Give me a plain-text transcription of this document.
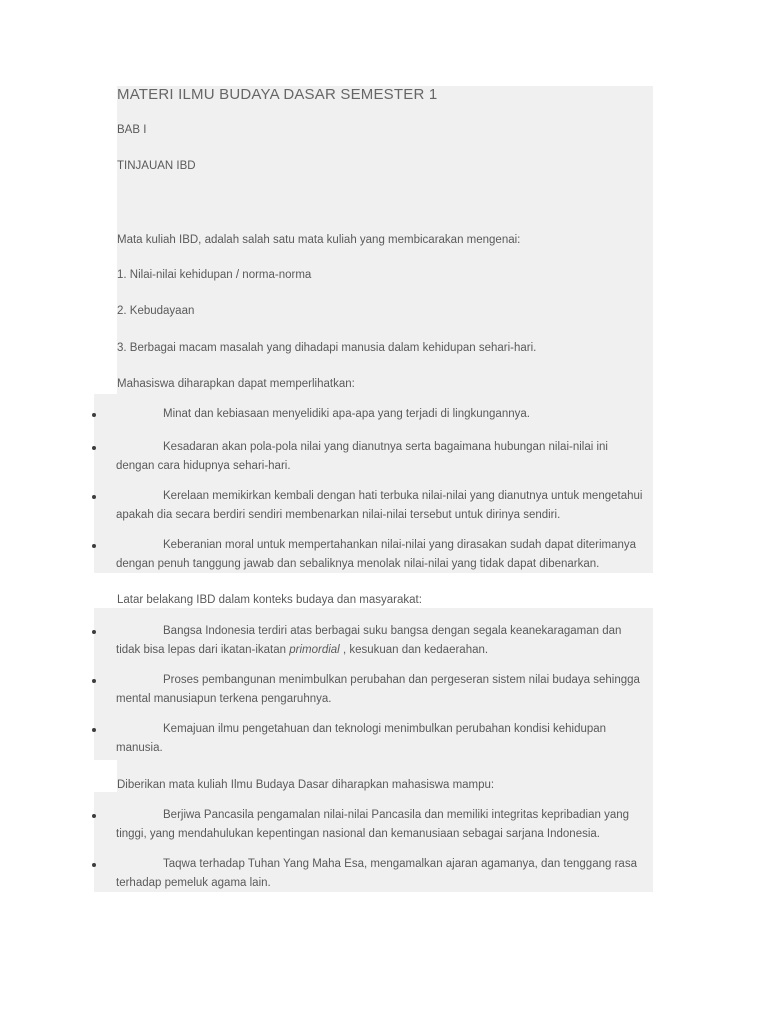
MATERI ILMU BUDAYA DASAR SEMESTER 1

BAB I

TINJAUAN IBD

Mata kuliah IBD, adalah salah satu mata kuliah yang membicarakan mengenai:

1. Nilai-nilai kehidupan / norma-norma

2. Kebudayaan

3. Berbagai macam masalah yang dihadapi manusia dalam kehidupan sehari-hari.

Mahasiswa diharapkan dapat memperlihatkan:

Minat dan kebiasaan menyelidiki apa-apa yang terjadi di lingkungannya.
Kesadaran akan pola-pola nilai yang dianutnya serta bagaimana hubungan nilai-nilai ini
dengan cara hidupnya sehari-hari.
Kerelaan memikirkan kembali dengan hati terbuka nilai-nilai yang dianutnya untuk mengetahui
apakah dia secara berdiri sendiri membenarkan nilai-nilai tersebut untuk dirinya sendiri.
Keberanian moral untuk mempertahankan nilai-nilai yang dirasakan sudah dapat diterimanya
dengan penuh tanggung jawab dan sebaliknya menolak nilai-nilai yang tidak dapat dibenarkan.

Latar belakang IBD dalam konteks budaya dan masyarakat:

Bangsa Indonesia terdiri atas berbagai suku bangsa dengan segala keanekaragaman dan
tidak bisa lepas dari ikatan-ikatan primordial , kesukuan dan kedaerahan.
Proses pembangunan menimbulkan perubahan dan pergeseran sistem nilai budaya sehingga
mental manusiapun terkena pengaruhnya.
Kemajuan ilmu pengetahuan dan teknologi menimbulkan perubahan kondisi kehidupan
manusia.

Diberikan mata kuliah Ilmu Budaya Dasar diharapkan mahasiswa mampu:

Berjiwa Pancasila pengamalan nilai-nilai Pancasila dan memiliki integritas kepribadian yang
tinggi, yang mendahulukan kepentingan nasional dan kemanusiaan sebagai sarjana Indonesia.
Taqwa terhadap Tuhan Yang Maha Esa, mengamalkan ajaran agamanya, dan tenggang rasa
terhadap pemeluk agama lain.
